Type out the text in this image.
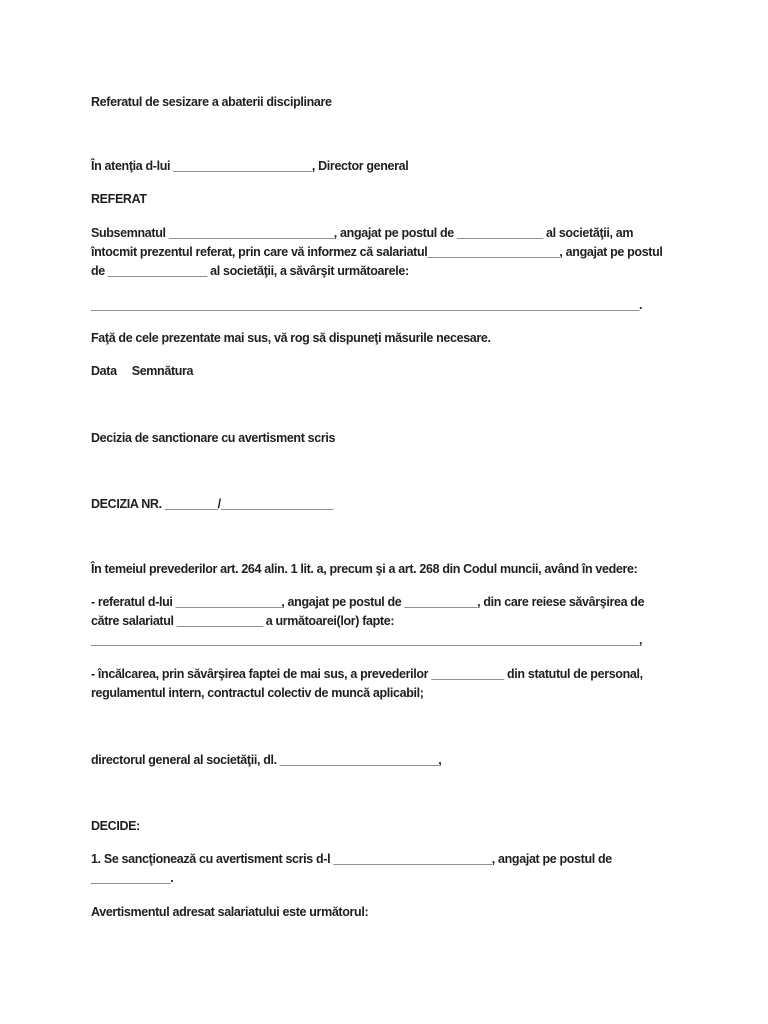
Referatul de sesizare a abaterii disciplinare

În atenţia d-lui _____________________, Director general

REFERAT

Subsemnatul _________________________, angajat pe postul de _____________ al societăţii, am

întocmit prezentul referat, prin care vă informez că salariatul____________________, angajat pe postul

de _______________ al societăţii, a săvârşit următoarele:

___________________________________________________________________________________.

Faţă de cele prezentate mai sus, vă rog să dispuneţi măsurile necesare.

Data Semnătura

Decizia de sanctionare cu avertisment scris

DECIZIA NR. ________/_________________

În temeiul prevederilor art. 264 alin. 1 lit. a, precum şi a art. 268 din Codul muncii, având în vedere:

- referatul d-lui ________________, angajat pe postul de ___________, din care reiese săvârşirea de

către salariatul _____________ a următoarei(lor) fapte:

___________________________________________________________________________________,

- încălcarea, prin săvârşirea faptei de mai sus, a prevederilor ___________ din statutul de personal,

regulamentul intern, contractul colectiv de muncă aplicabil;

directorul general al societăţii, dl. ________________________,

DECIDE:

1. Se sancţionează cu avertisment scris d-l ________________________, angajat pe postul de

____________.

Avertismentul adresat salariatului este următorul:
